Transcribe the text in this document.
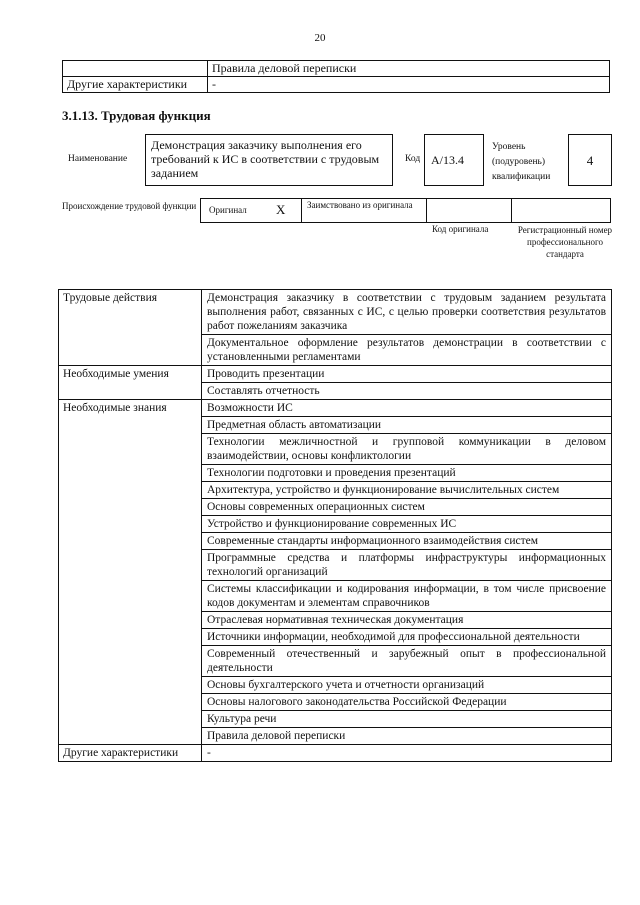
20
	Правила деловой переписки
Другие характеристики	-
3.1.13. Трудовая функция
Наименование
Демонстрация заказчику выполнения его требований к ИС в соответствии с трудовым заданием
Код А/13.4
Уровень
(подуровень)
квалификации
4
Происхождение трудовой функции	Оригинал X	Заимствовано из оригинала
Код оригинала	Регистрационный номер профессионального стандарта
Трудовые действия	Демонстрация заказчику в соответствии с трудовым заданием результата выполнения работ, связанных с ИС, с целью проверки соответствия результатов работ пожеланиям заказчика
	Документальное оформление результатов демонстрации в соответствии с установленными регламентами
Необходимые умения	Проводить презентации
	Составлять отчетность
Необходимые знания	Возможности ИС
	Предметная область автоматизации
	Технологии межличностной и групповой коммуникации в деловом взаимодействии, основы конфликтологии
	Технологии подготовки и проведения презентаций
	Архитектура, устройство и функционирование вычислительных систем
	Основы современных операционных систем
	Устройство и функционирование современных ИС
	Современные стандарты информационного взаимодействия систем
	Программные средства и платформы инфраструктуры информационных технологий организаций
	Системы классификации и кодирования информации, в том числе присвоение кодов документам и элементам справочников
	Отраслевая нормативная техническая документация
	Источники информации, необходимой для профессиональной деятельности
	Современный отечественный и зарубежный опыт в профессиональной деятельности
	Основы бухгалтерского учета и отчетности организаций
	Основы налогового законодательства Российской Федерации
	Культура речи
	Правила деловой переписки
Другие характеристики	-
